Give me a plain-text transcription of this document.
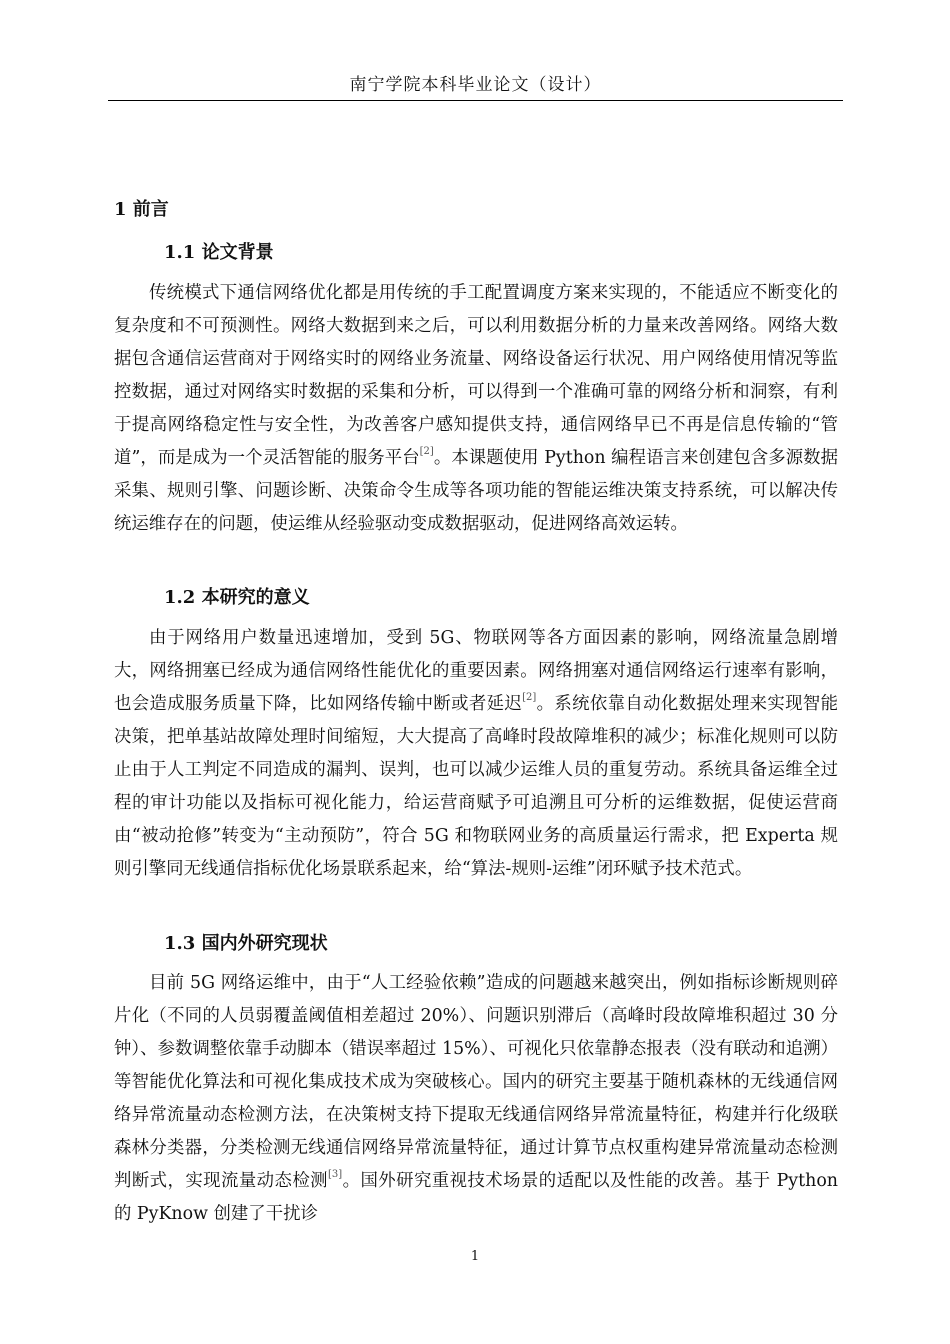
南宁学院本科毕业论文（设计）
1 前言
1.1 论文背景
传统模式下通信网络优化都是用传统的手工配置调度方案来实现的，不能适应不断变化的复杂度和不可预测性。网络大数据到来之后，可以利用数据分析的力量来改善网络。网络大数据包含通信运营商对于网络实时的网络业务流量、网络设备运行状况、用户网络使用情况等监控数据，通过对网络实时数据的采集和分析，可以得到一个准确可靠的网络分析和洞察，有利于提高网络稳定性与安全性，为改善客户感知提供支持，通信网络早已不再是信息传输的“管道”，而是成为一个灵活智能的服务平台[2]。本课题使用 Python 编程语言来创建包含多源数据采集、规则引擎、问题诊断、决策命令生成等各项功能的智能运维决策支持系统，可以解决传统运维存在的问题，使运维从经验驱动变成数据驱动，促进网络高效运转。
1.2 本研究的意义
由于网络用户数量迅速增加，受到 5G、物联网等各方面因素的影响，网络流量急剧增大，网络拥塞已经成为通信网络性能优化的重要因素。网络拥塞对通信网络运行速率有影响，也会造成服务质量下降，比如网络传输中断或者延迟[2]。系统依靠自动化数据处理来实现智能决策，把单基站故障处理时间缩短，大大提高了高峰时段故障堆积的减少；标准化规则可以防止由于人工判定不同造成的漏判、误判，也可以减少运维人员的重复劳动。系统具备运维全过程的审计功能以及指标可视化能力，给运营商赋予可追溯且可分析的运维数据，促使运营商由“被动抢修”转变为“主动预防”，符合 5G 和物联网业务的高质量运行需求，把 Experta 规则引擎同无线通信指标优化场景联系起来，给“算法-规则-运维”闭环赋予技术范式。
1.3 国内外研究现状
目前 5G 网络运维中，由于“人工经验依赖”造成的问题越来越突出，例如指标诊断规则碎片化（不同的人员弱覆盖阈值相差超过 20%）、问题识别滞后（高峰时段故障堆积超过 30 分钟）、参数调整依靠手动脚本（错误率超过 15%）、可视化只依靠静态报表（没有联动和追溯）等智能优化算法和可视化集成技术成为突破核心。国内的研究主要基于随机森林的无线通信网络异常流量动态检测方法，在决策树支持下提取无线通信网络异常流量特征，构建并行化级联森林分类器，分类检测无线通信网络异常流量特征，通过计算节点权重构建异常流量动态检测判断式，实现流量动态检测[3]。国外研究重视技术场景的适配以及性能的改善。基于 Python 的 PyKnow 创建了干扰诊
1
